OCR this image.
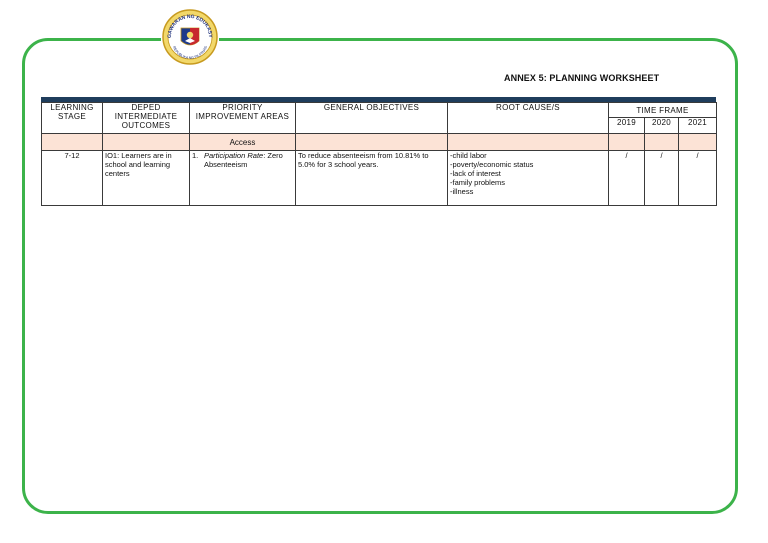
GAWARAN NG EDUKASY
REPUBLIKA NG PILIPINAS
ANNEX 5: PLANNING WORKSHEET
LEARNING STAGE	DEPED INTERMEDIATE OUTCOMES	PRIORITY IMPROVEMENT AREAS	GENERAL OBJECTIVES	ROOT CAUSE/S	TIME FRAME		
					2019	2020	2021
		Access					
7-12	IO1: Learners are in school and learning centers	1. Participation Rate: Zero Absenteeism	To reduce absenteeism from 10.81% to 5.0% for 3 school years.	-child labor
-poverty/economic status
-lack of interest
-family problems
-illness	/	/	/
